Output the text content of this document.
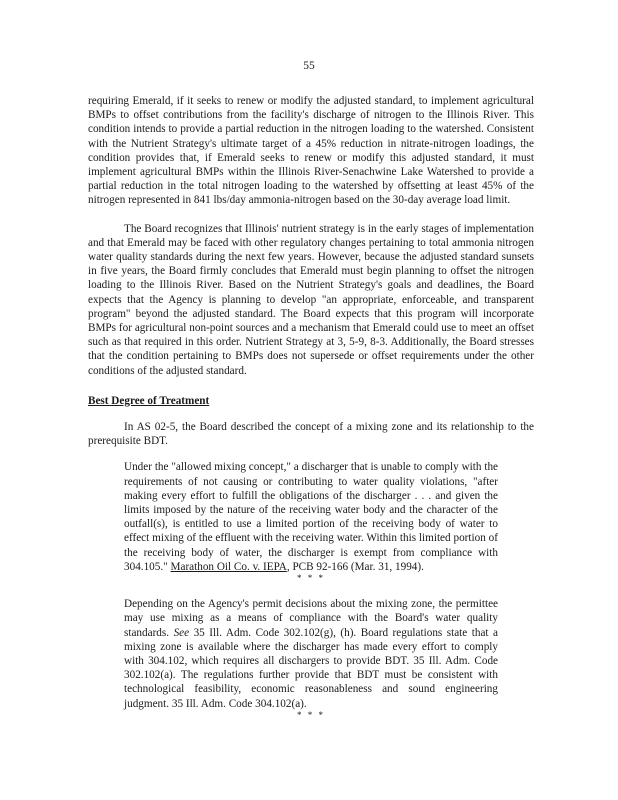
55

requiring Emerald, if it seeks to renew or modify the adjusted standard, to implement agricultural BMPs to offset contributions from the facility's discharge of nitrogen to the Illinois River. This condition intends to provide a partial reduction in the nitrogen loading to the watershed. Consistent with the Nutrient Strategy's ultimate target of a 45% reduction in nitrate-nitrogen loadings, the condition provides that, if Emerald seeks to renew or modify this adjusted standard, it must implement agricultural BMPs within the Illinois River-Senachwine Lake Watershed to provide a partial reduction in the total nitrogen loading to the watershed by offsetting at least 45% of the nitrogen represented in 841 lbs/day ammonia-nitrogen based on the 30-day average load limit.

The Board recognizes that Illinois' nutrient strategy is in the early stages of implementation and that Emerald may be faced with other regulatory changes pertaining to total ammonia nitrogen water quality standards during the next few years. However, because the adjusted standard sunsets in five years, the Board firmly concludes that Emerald must begin planning to offset the nitrogen loading to the Illinois River. Based on the Nutrient Strategy's goals and deadlines, the Board expects that the Agency is planning to develop "an appropriate, enforceable, and transparent program" beyond the adjusted standard. The Board expects that this program will incorporate BMPs for agricultural non-point sources and a mechanism that Emerald could use to meet an offset such as that required in this order. Nutrient Strategy at 3, 5-9, 8-3. Additionally, the Board stresses that the condition pertaining to BMPs does not supersede or offset requirements under the other conditions of the adjusted standard.

Best Degree of Treatment

In AS 02-5, the Board described the concept of a mixing zone and its relationship to the prerequisite BDT.

Under the "allowed mixing concept," a discharger that is unable to comply with the requirements of not causing or contributing to water quality violations, "after making every effort to fulfill the obligations of the discharger . . . and given the limits imposed by the nature of the receiving water body and the character of the outfall(s), is entitled to use a limited portion of the receiving body of water to effect mixing of the effluent with the receiving water. Within this limited portion of the receiving body of water, the discharger is exempt from compliance with 304.105." Marathon Oil Co. v. IEPA, PCB 92-166 (Mar. 31, 1994).

* * *

Depending on the Agency's permit decisions about the mixing zone, the permittee may use mixing as a means of compliance with the Board's water quality standards. See 35 Ill. Adm. Code 302.102(g), (h). Board regulations state that a mixing zone is available where the discharger has made every effort to comply with 304.102, which requires all dischargers to provide BDT. 35 Ill. Adm. Code 302.102(a). The regulations further provide that BDT must be consistent with technological feasibility, economic reasonableness and sound engineering judgment. 35 Ill. Adm. Code 304.102(a).

* * *
